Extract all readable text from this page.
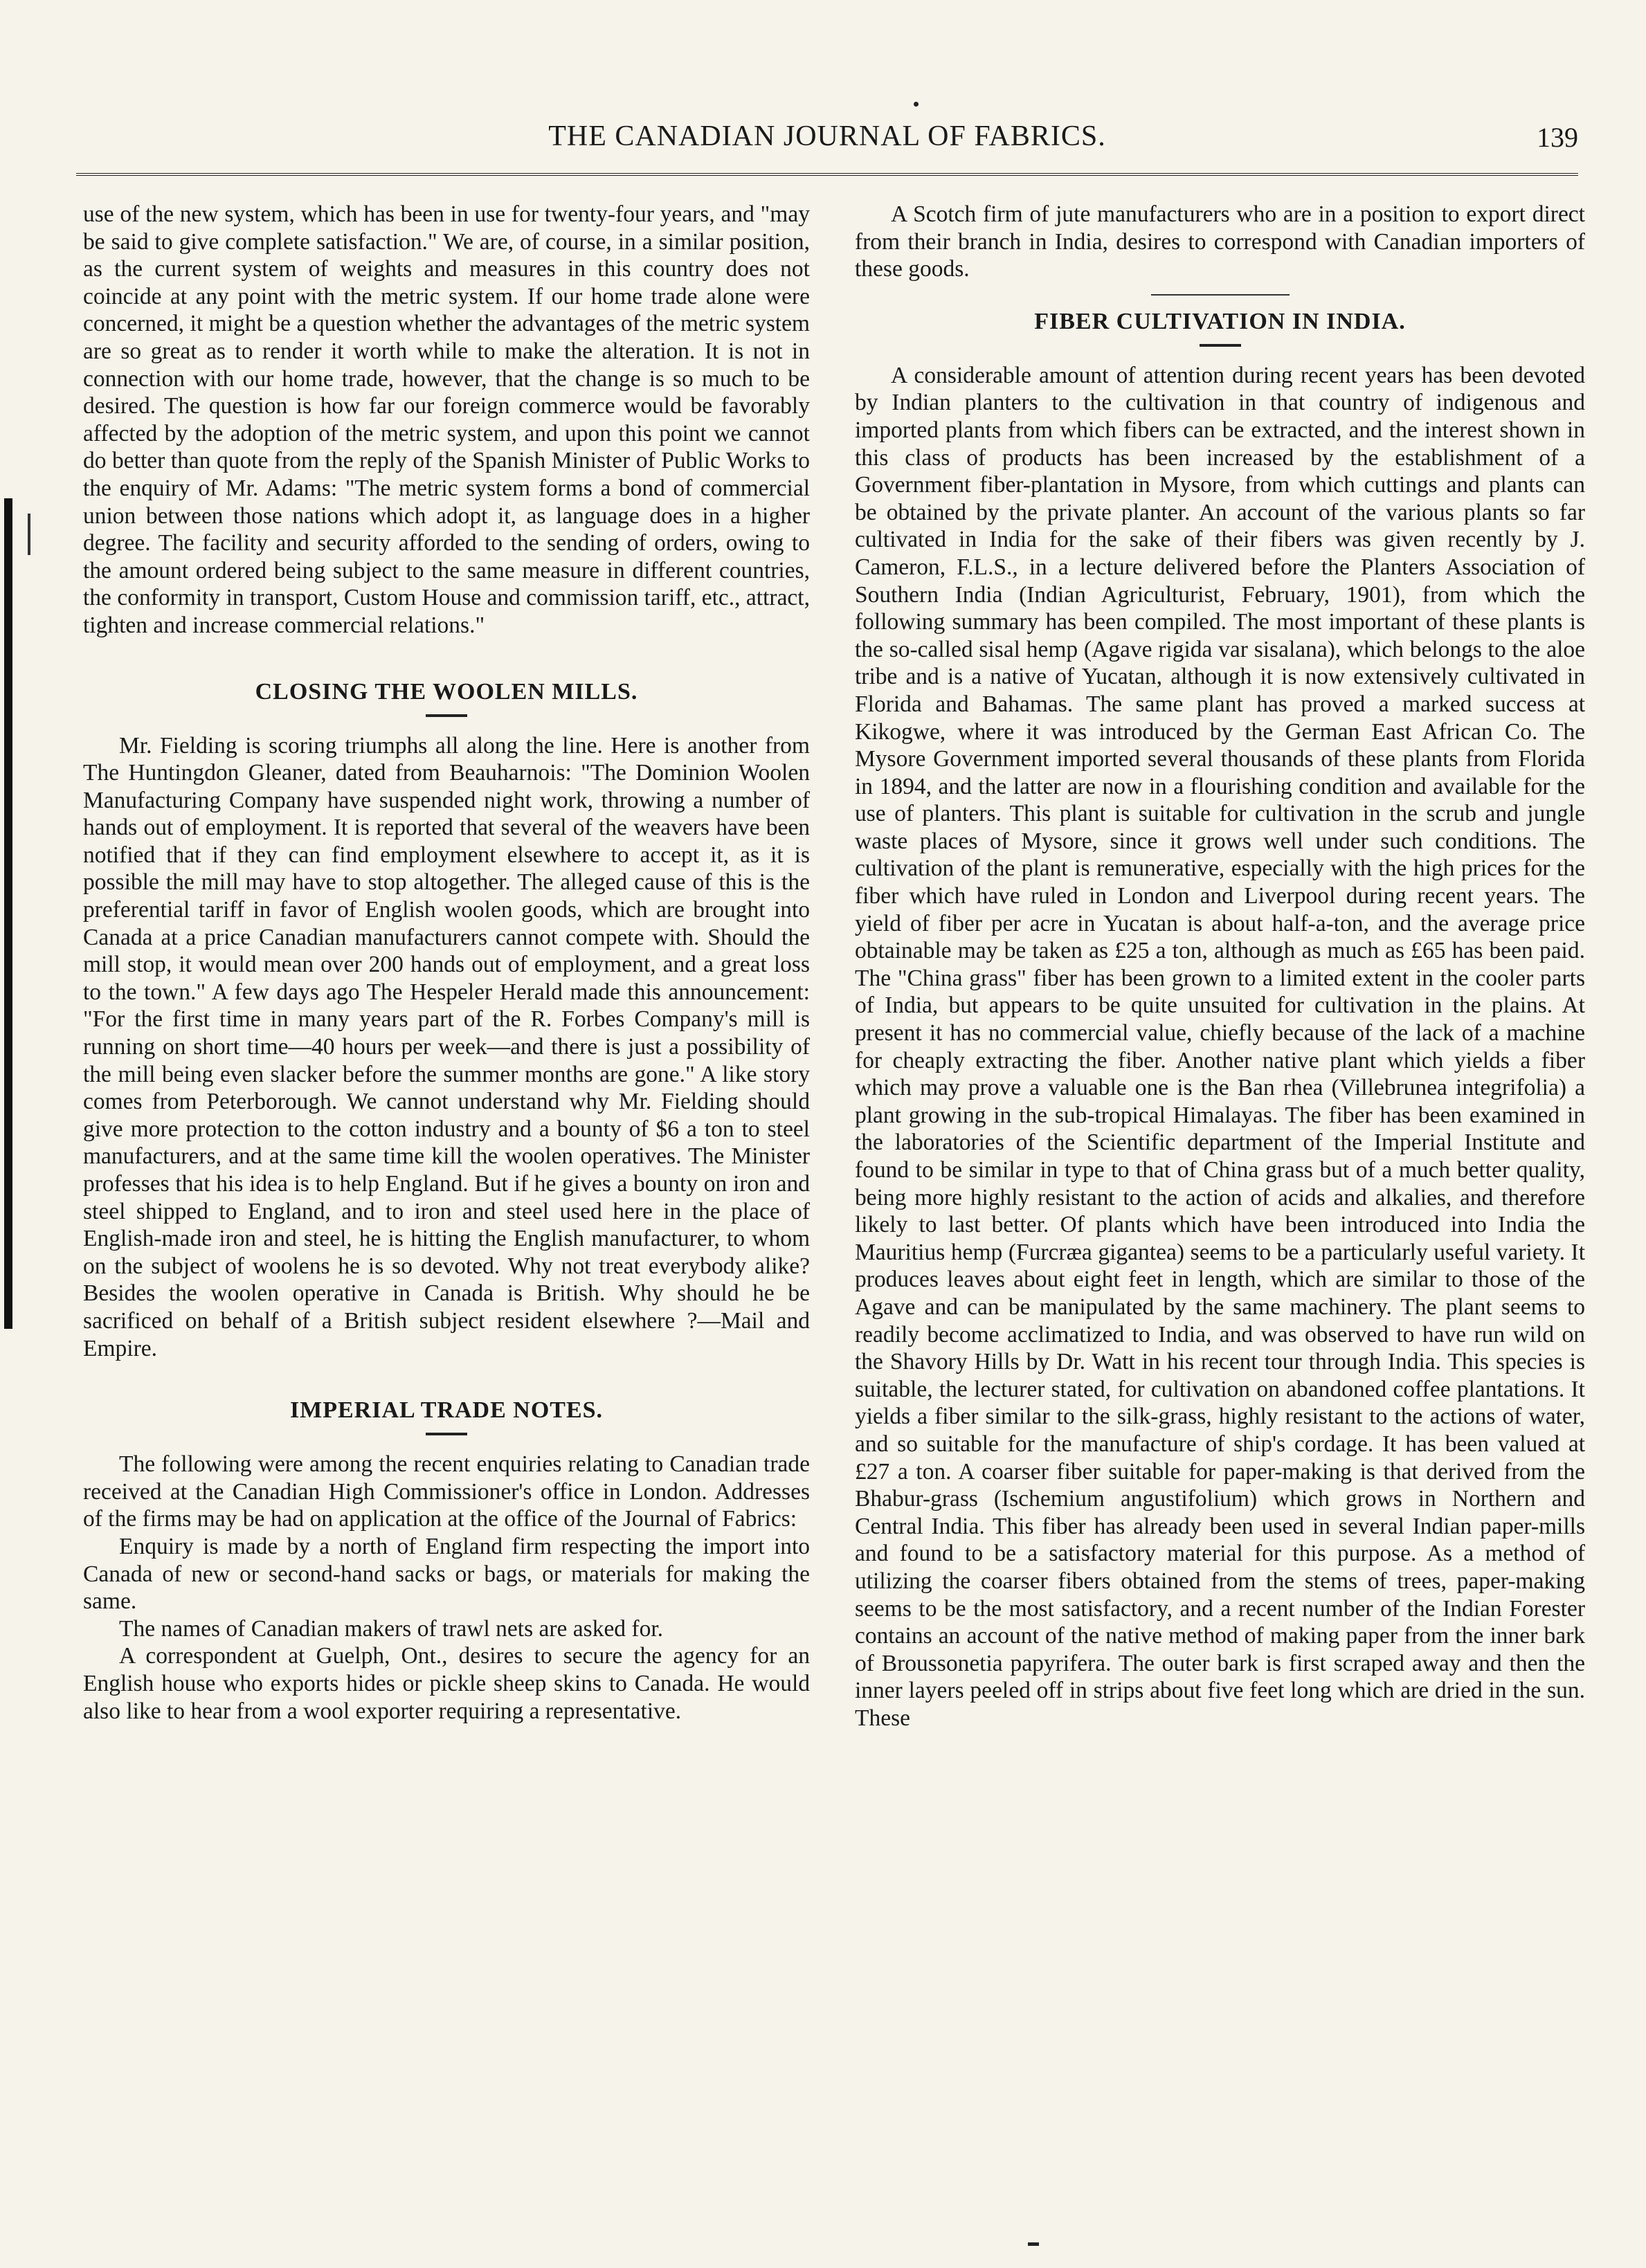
THE CANADIAN JOURNAL OF FABRICS.	139

use of the new system, which has been in use for twenty-four years, and "may be said to give complete satisfaction." We are, of course, in a similar position, as the current system of weights and measures in this country does not coincide at any point with the metric system. If our home trade alone were concerned, it might be a question whether the advantages of the metric system are so great as to render it worth while to make the alteration. It is not in connection with our home trade, however, that the change is so much to be desired. The question is how far our foreign commerce would be favorably affected by the adoption of the metric system, and upon this point we cannot do better than quote from the reply of the Spanish Minister of Public Works to the enquiry of Mr. Adams: "The metric system forms a bond of commercial union between those nations which adopt it, as language does in a higher degree. The facility and security afforded to the sending of orders, owing to the amount ordered being subject to the same measure in different countries, the conformity in transport, Custom House and commission tariff, etc., attract, tighten and increase commercial relations."

CLOSING THE WOOLEN MILLS.

Mr. Fielding is scoring triumphs all along the line. Here is another from The Huntingdon Gleaner, dated from Beauharnois: "The Dominion Woolen Manufacturing Company have suspended night work, throwing a number of hands out of employment. It is reported that several of the weavers have been notified that if they can find employment elsewhere to accept it, as it is possible the mill may have to stop altogether. The alleged cause of this is the preferential tariff in favor of English woolen goods, which are brought into Canada at a price Canadian manufacturers cannot compete with. Should the mill stop, it would mean over 200 hands out of employment, and a great loss to the town." A few days ago The Hespeler Herald made this announcement: "For the first time in many years part of the R. Forbes Company's mill is running on short time—40 hours per week—and there is just a possibility of the mill being even slacker before the summer months are gone." A like story comes from Peterborough. We cannot understand why Mr. Fielding should give more protection to the cotton industry and a bounty of $6 a ton to steel manufacturers, and at the same time kill the woolen operatives. The Minister professes that his idea is to help England. But if he gives a bounty on iron and steel shipped to England, and to iron and steel used here in the place of English-made iron and steel, he is hitting the English manufacturer, to whom on the subject of woolens he is so devoted. Why not treat everybody alike? Besides the woolen operative in Canada is British. Why should he be sacrificed on behalf of a British subject resident elsewhere ?—Mail and Empire.

IMPERIAL TRADE NOTES.

The following were among the recent enquiries relating to Canadian trade received at the Canadian High Commissioner's office in London. Addresses of the firms may be had on application at the office of the Journal of Fabrics:

Enquiry is made by a north of England firm respecting the import into Canada of new or second-hand sacks or bags, or materials for making the same.

The names of Canadian makers of trawl nets are asked for.

A correspondent at Guelph, Ont., desires to secure the agency for an English house who exports hides or pickle sheep skins to Canada. He would also like to hear from a wool exporter requiring a representative.

A Scotch firm of jute manufacturers who are in a position to export direct from their branch in India, desires to correspond with Canadian importers of these goods.

FIBER CULTIVATION IN INDIA.

A considerable amount of attention during recent years has been devoted by Indian planters to the cultivation in that country of indigenous and imported plants from which fibers can be extracted, and the interest shown in this class of products has been increased by the establishment of a Government fiber-plantation in Mysore, from which cuttings and plants can be obtained by the private planter. An account of the various plants so far cultivated in India for the sake of their fibers was given recently by J. Cameron, F.L.S., in a lecture delivered before the Planters Association of Southern India (Indian Agriculturist, February, 1901), from which the following summary has been compiled. The most important of these plants is the so-called sisal hemp (Agave rigida var sisalana), which belongs to the aloe tribe and is a native of Yucatan, although it is now extensively cultivated in Florida and Bahamas. The same plant has proved a marked success at Kikogwe, where it was introduced by the German East African Co. The Mysore Government imported several thousands of these plants from Florida in 1894, and the latter are now in a flourishing condition and available for the use of planters. This plant is suitable for cultivation in the scrub and jungle waste places of Mysore, since it grows well under such conditions. The cultivation of the plant is remunerative, especially with the high prices for the fiber which have ruled in London and Liverpool during recent years. The yield of fiber per acre in Yucatan is about half-a-ton, and the average price obtainable may be taken as £25 a ton, although as much as £65 has been paid. The "China grass" fiber has been grown to a limited extent in the cooler parts of India, but appears to be quite unsuited for cultivation in the plains. At present it has no commercial value, chiefly because of the lack of a machine for cheaply extracting the fiber. Another native plant which yields a fiber which may prove a valuable one is the Ban rhea (Villebrunea integrifolia) a plant growing in the sub-tropical Himalayas. The fiber has been examined in the laboratories of the Scientific department of the Imperial Institute and found to be similar in type to that of China grass but of a much better quality, being more highly resistant to the action of acids and alkalies, and therefore likely to last better. Of plants which have been introduced into India the Mauritius hemp (Furcræa gigantea) seems to be a particularly useful variety. It produces leaves about eight feet in length, which are similar to those of the Agave and can be manipulated by the same machinery. The plant seems to readily become acclimatized to India, and was observed to have run wild on the Shavory Hills by Dr. Watt in his recent tour through India. This species is suitable, the lecturer stated, for cultivation on abandoned coffee plantations. It yields a fiber similar to the silk-grass, highly resistant to the actions of water, and so suitable for the manufacture of ship's cordage. It has been valued at £27 a ton. A coarser fiber suitable for paper-making is that derived from the Bhabur-grass (Ischemium angustifolium) which grows in Northern and Central India. This fiber has already been used in several Indian paper-mills and found to be a satisfactory material for this purpose. As a method of utilizing the coarser fibers obtained from the stems of trees, paper-making seems to be the most satisfactory, and a recent number of the Indian Forester contains an account of the native method of making paper from the inner bark of Broussonetia papyrifera. The outer bark is first scraped away and then the inner layers peeled off in strips about five feet long which are dried in the sun. These
